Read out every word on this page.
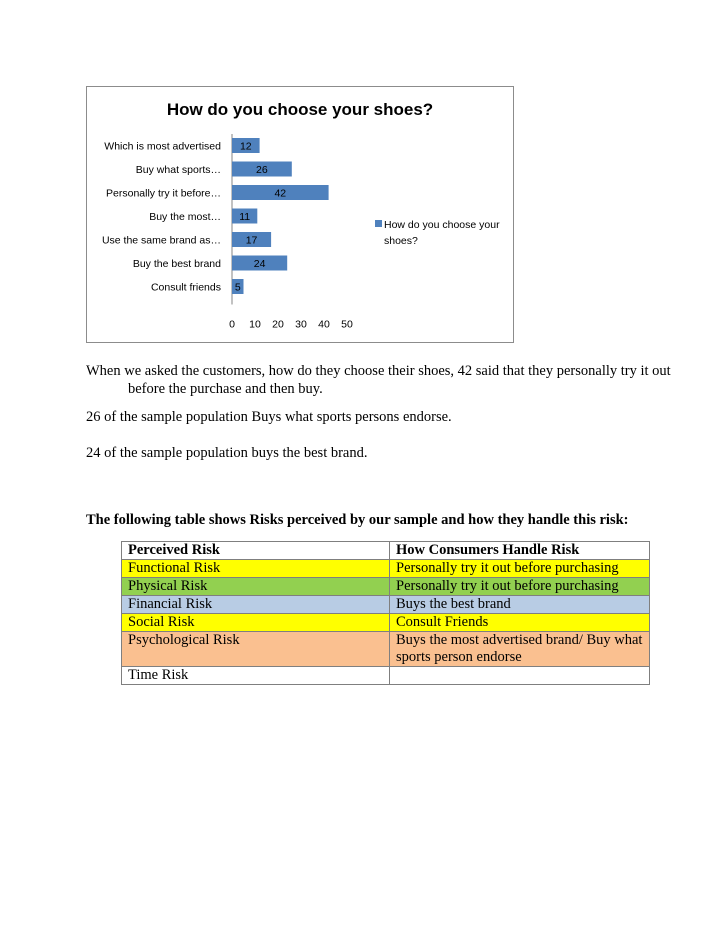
How do you choose your shoes?
Which is most advertised 12
Buy what sports…	26
Personally try it before…	42
Buy the most… 11
Use the same brand as… 17
Buy the best brand	24
Consult friends 5
0 10 20 30 40 50
How do you choose your
shoes?
When we asked the customers, how do they choose their shoes, 42 said that they personally try it out before the purchase and then buy.
26 of the sample population Buys what sports persons endorse.
24 of the sample population buys the best brand.
The following table shows Risks perceived by our sample and how they handle this risk:
Perceived Risk	How Consumers Handle Risk
Functional Risk	Personally try it out before purchasing
Physical Risk	Personally try it out before purchasing
Financial Risk	Buys the best brand
Social Risk	Consult Friends
Psychological Risk	Buys the most advertised brand/ Buy what sports person endorse
Time Risk	
